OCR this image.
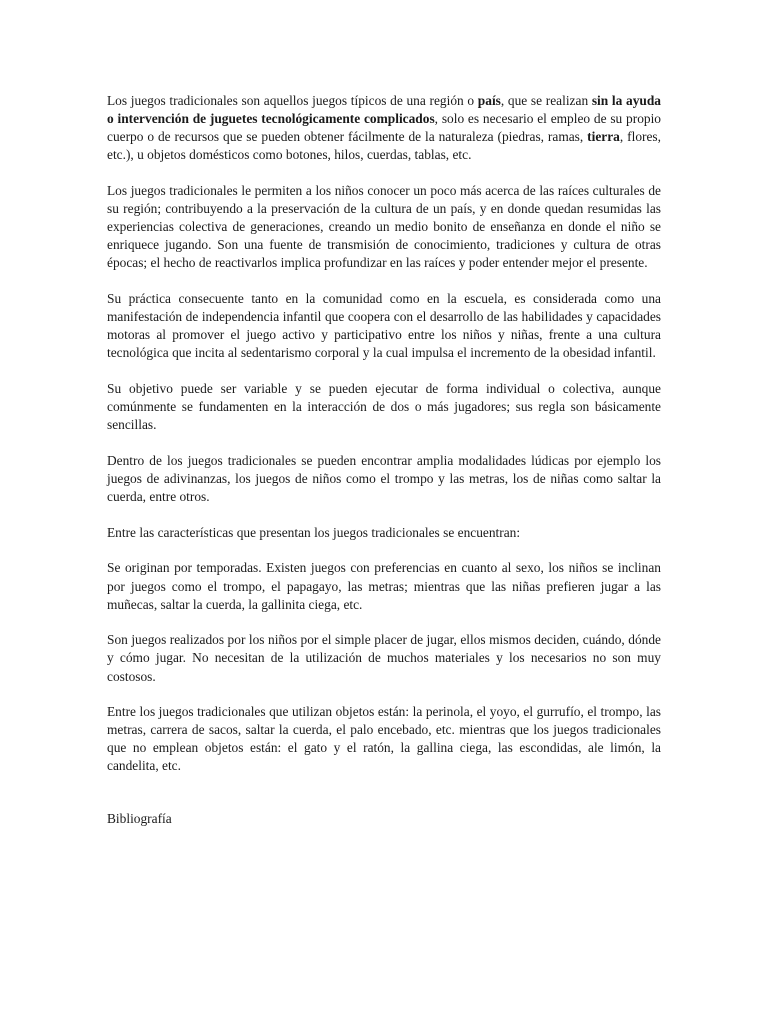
Los juegos tradicionales son aquellos juegos típicos de una región o país, que se realizan sin la ayuda o intervención de juguetes tecnológicamente complicados, solo es necesario el empleo de su propio cuerpo o de recursos que se pueden obtener fácilmente de la naturaleza (piedras, ramas, tierra, flores, etc.), u objetos domésticos como botones, hilos, cuerdas, tablas, etc.

Los juegos tradicionales le permiten a los niños conocer un poco más acerca de las raíces culturales de su región; contribuyendo a la preservación de la cultura de un país, y en donde quedan resumidas las experiencias colectiva de generaciones, creando un medio bonito de enseñanza en donde el niño se enriquece jugando. Son una fuente de transmisión de conocimiento, tradiciones y cultura de otras épocas; el hecho de reactivarlos implica profundizar en las raíces y poder entender mejor el presente.

Su práctica consecuente tanto en la comunidad como en la escuela, es considerada como una manifestación de independencia infantil que coopera con el desarrollo de las habilidades y capacidades motoras al promover el juego activo y participativo entre los niños y niñas, frente a una cultura tecnológica que incita al sedentarismo corporal y la cual impulsa el incremento de la obesidad infantil.

Su objetivo puede ser variable y se pueden ejecutar de forma individual o colectiva, aunque comúnmente se fundamenten en la interacción de dos o más jugadores; sus regla son básicamente sencillas.

Dentro de los juegos tradicionales se pueden encontrar amplia modalidades lúdicas por ejemplo los juegos de adivinanzas, los juegos de niños como el trompo y las metras, los de niñas como saltar la cuerda, entre otros.

Entre las características que presentan los juegos tradicionales se encuentran:

Se originan por temporadas. Existen juegos con preferencias en cuanto al sexo, los niños se inclinan por juegos como el trompo, el papagayo, las metras; mientras que las niñas prefieren jugar a las muñecas, saltar la cuerda, la gallinita ciega, etc.

Son juegos realizados por los niños por el simple placer de jugar, ellos mismos deciden, cuándo, dónde y cómo jugar. No necesitan de la utilización de muchos materiales y los necesarios no son muy costosos.

Entre los juegos tradicionales que utilizan objetos están: la perinola, el yoyo, el gurrufío, el trompo, las metras, carrera de sacos, saltar la cuerda, el palo encebado, etc. mientras que los juegos tradicionales que no emplean objetos están: el gato y el ratón, la gallina ciega, las escondidas, ale limón, la candelita, etc.

Bibliografía
